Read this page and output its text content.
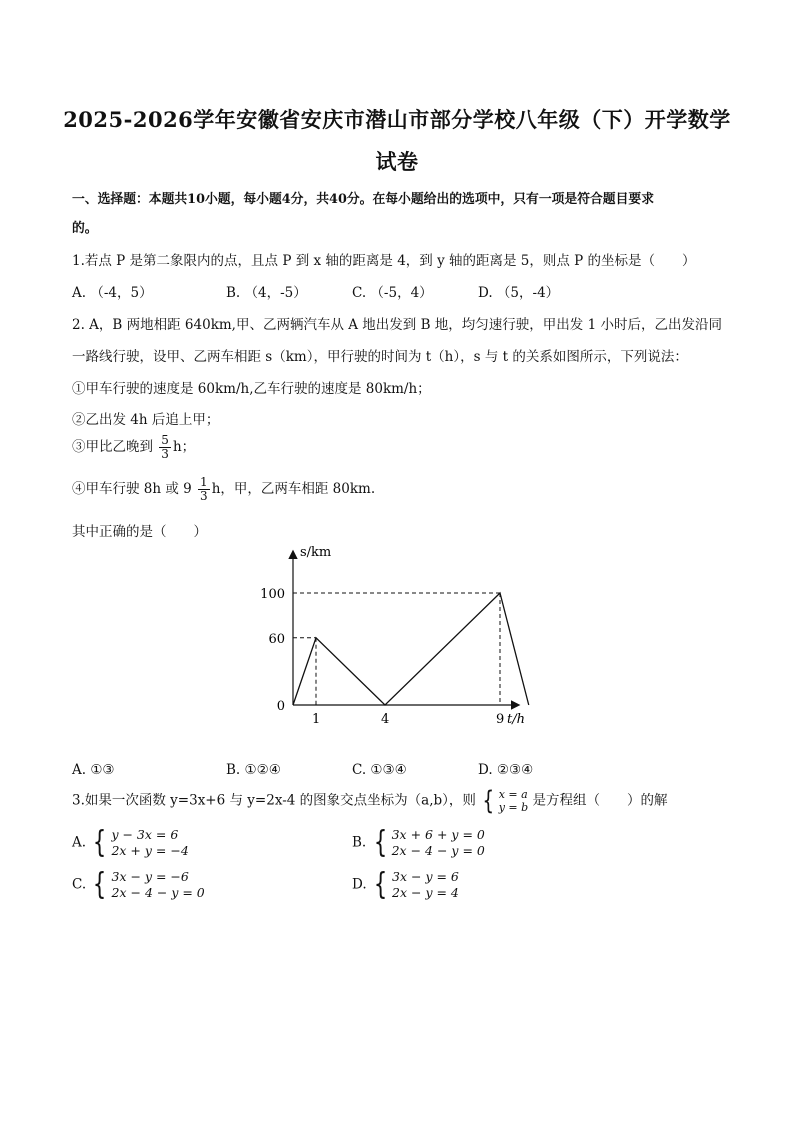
2025-2026学年安徽省安庆市潜山市部分学校八年级（下）开学数学
试卷
一、选择题：本题共10小题，每小题4分，共40分。在每小题给出的选项中，只有一项是符合题目要求
的。
1.若点 P 是第二象限内的点，且点 P 到 x 轴的距离是 4，到 y 轴的距离是 5，则点 P 的坐标是（　　）
A. （-4，5）	B. （4，-5）	C. （-5，4）	D. （5，-4）
2. A，B 两地相距 640km,甲、乙两辆汽车从 A 地出发到 B 地，均匀速行驶，甲出发 1 小时后，乙出发沿同
一路线行驶，设甲、乙两车相距 s（km），甲行驶的时间为 t（h），s 与 t 的关系如图所示，下列说法：
①甲车行驶的速度是 60km/h,乙车行驶的速度是 80km/h；
②乙出发 4h 后追上甲；
③甲比乙晚到 $\frac{5}{3}$ h；
④甲车行驶 8h 或 $9 \frac{1}{3}$ h，甲，乙两车相距 80km.
其中正确的是（　　）
s/km
t/h
1	4	9
100
60
0
A. ①③	B. ①②④	C. ①③④	D. ②③④
3.如果一次函数 y=3x+6 与 y=2x-4 的图象交点坐标为（a,b），则 { x = a
y = b 是方程组（　　）的解
A. { y − 3x = 6
2x + y = −4	B. { 3x + 6 + y = 0
2x − 4 − y = 0
C. { 3x − y = −6
2x − 4 − y = 0	D. { 3x − y = 6
2x − y = 4
